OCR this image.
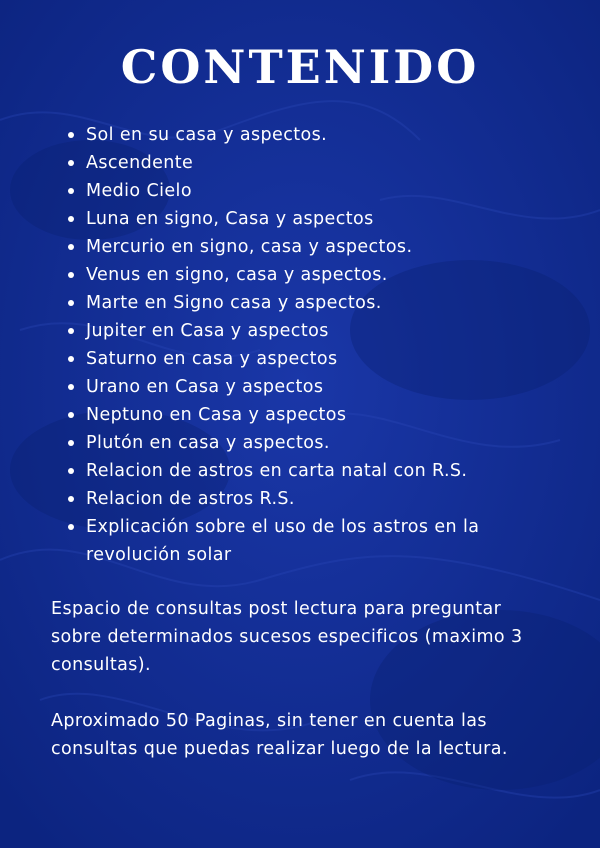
CONTENIDO
Sol en su casa y aspectos.
Ascendente
Medio Cielo
Luna en signo, Casa y aspectos
Mercurio en signo, casa y aspectos.
Venus en signo, casa y aspectos.
Marte en Signo casa y aspectos.
Jupiter en Casa y aspectos
Saturno en casa y aspectos
Urano en Casa y aspectos
Neptuno en Casa y aspectos
Plutón en casa y aspectos.
Relacion de astros en carta natal con R.S.
Relacion de astros R.S.
Explicación sobre el uso de los astros en la revolución solar

Espacio de consultas post lectura para preguntar sobre determinados sucesos especificos (maximo 3 consultas).

Aproximado 50 Paginas, sin tener en cuenta las consultas que puedas realizar luego de la lectura.
